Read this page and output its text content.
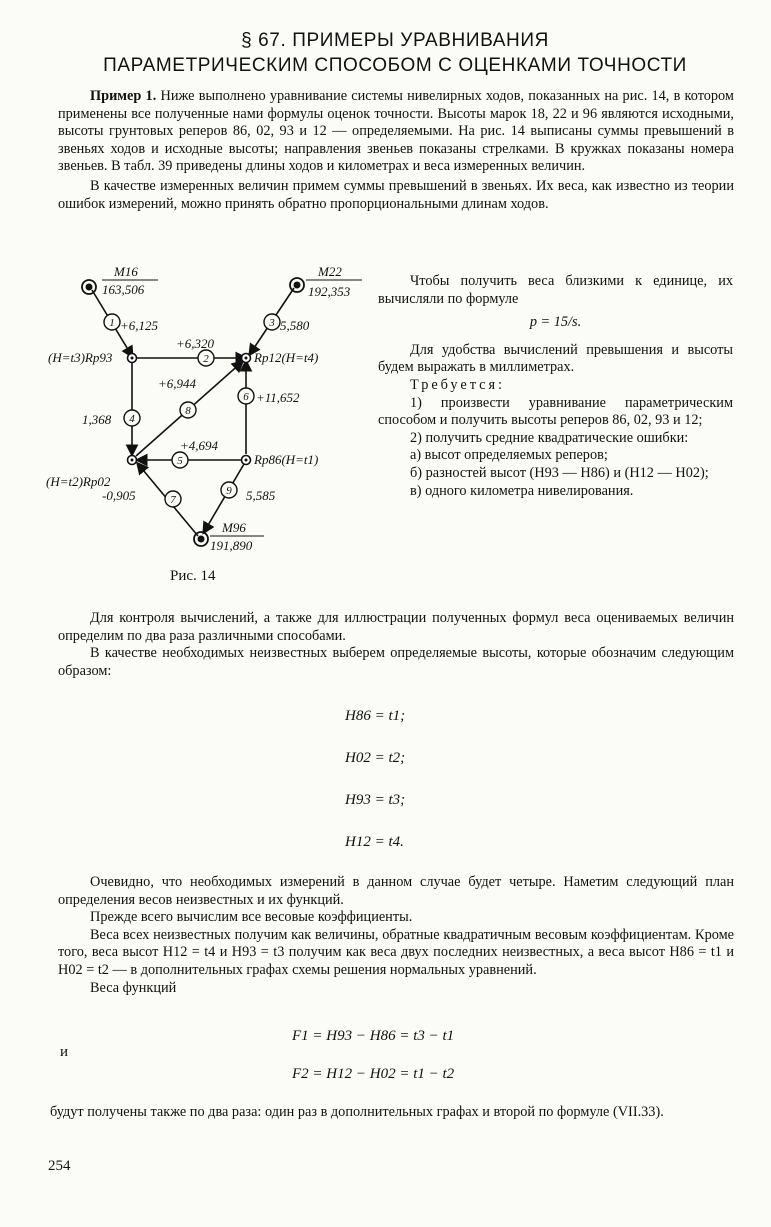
§ 67. ПРИМЕРЫ УРАВНИВАНИЯ
ПАРАМЕТРИЧЕСКИМ СПОСОБОМ С ОЦЕНКАМИ ТОЧНОСТИ

Пример 1. Ниже выполнено уравнивание системы нивелирных ходов, показанных на рис. 14, в котором применены все полученные нами формулы оценок точности. Высоты марок 18, 22 и 96 являются исходными, высоты грунтовых реперов 86, 02, 93 и 12 — определяемыми. На рис. 14 выписаны суммы превышений в звеньях ходов и исходные высоты; направления звеньев показаны стрелками. В кружках показаны номера звеньев. В табл. 39 приведены длины ходов и километрах и веса измеренных величин.

В качестве измеренных величин примем суммы превышений в звеньях. Их веса, как известно из теории ошибок измерений, можно принять обратно пропорциональными длинам ходов.

1
2
3
4
5
6
7
8
9
+6,125
+6,320
5,580
1,368
+4,694
+11,652
-0,905
+6,944
5,585
М16
163,506
М22
192,353
М96
191,890
(H=t3)Rp93	Rp12(H=t4)
Rp86(H=t1)
(H=t2)Rp02
Рис. 14

Чтобы получить веса близкими к единице, их вычисляли по формуле

p = 15/s.

Для удобства вычислений превышения и высоты будем выражать в миллиметрах.

Требуется:

1) произвести уравнивание параметрическим способом и получить высоты реперов 86, 02, 93 и 12;

2) получить средние квадратические ошибки:

а) высот определяемых реперов;

б) разностей высот (H93 — H86) и (H12 — H02);

в) одного километра нивелирования.

Для контроля вычислений, а также для иллюстрации полученных формул веса оцениваемых величин определим по два раза различными способами.

В качестве необходимых неизвестных выберем определяемые высоты, которые обозначим следующим образом:

H86 = t1;
H02 = t2;
H93 = t3;
H12 = t4.

Очевидно, что необходимых измерений в данном случае будет четыре. Наметим следующий план определения весов неизвестных и их функций.

Прежде всего вычислим все весовые коэффициенты.

Веса всех неизвестных получим как величины, обратные квадратичным весовым коэффициентам. Кроме того, веса высот H12 = t4 и H93 = t3 получим как веса двух последних неизвестных, а веса высот H86 = t1 и H02 = t2 — в дополнительных графах схемы решения нормальных уравнений.

Веса функций

F1 = H93 − H86 = t3 − t1
и
F2 = H12 − H02 = t1 − t2

будут получены также по два раза: один раз в дополнительных графах и второй по формуле (VII.33).

254
